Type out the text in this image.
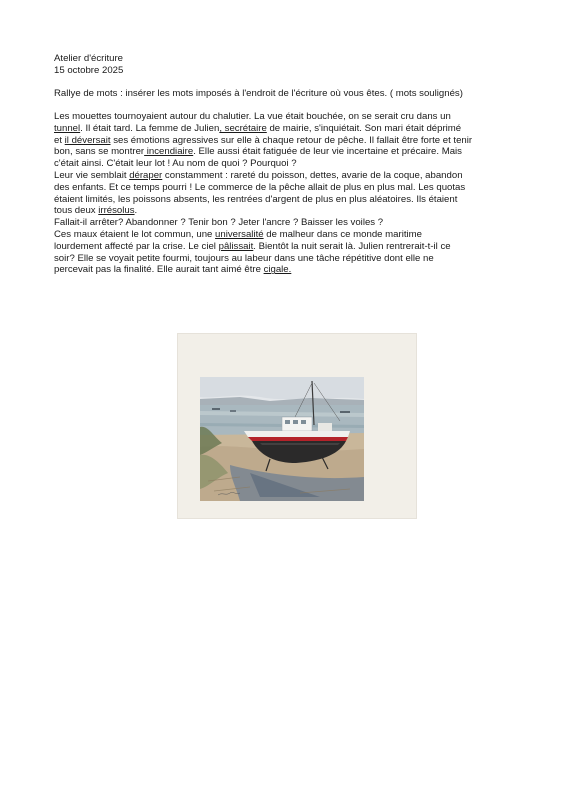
Atelier d'écriture
15 octobre 2025
Rallye de mots : insérer les mots imposés à l'endroit de l'écriture où vous êtes. ( mots soulignés)
Les mouettes tournoyaient autour du chalutier. La vue était bouchée, on se serait cru dans un
tunnel. Il était tard. La femme de Julien, secrétaire de mairie, s'inquiétait. Son mari était déprimé
et il déversait ses émotions agressives sur elle à chaque retour de pêche. Il fallait être forte et tenir
bon, sans se montrer incendiaire. Elle aussi était fatiguée de leur vie incertaine et précaire. Mais
c'était ainsi. C'était leur lot ! Au nom de quoi ? Pourquoi ?
Leur vie semblait déraper constamment : rareté du poisson, dettes, avarie de la coque, abandon
des enfants. Et ce temps pourri ! Le commerce de la pêche allait de plus en plus mal. Les quotas
étaient limités, les poissons absents, les rentrées d'argent de plus en plus aléatoires. Ils étaient
tous deux irrésolus.
Fallait-il arrêter? Abandonner ? Tenir bon ? Jeter l'ancre ? Baisser les voiles ?
Ces maux étaient le lot commun, une universalité de malheur dans ce monde maritime
lourdement affecté par la crise. Le ciel pâlissait. Bientôt la nuit serait là. Julien rentrerait-t-il ce
soir? Elle se voyait petite fourmi, toujours au labeur dans une tâche répétitive dont elle ne
percevait pas la finalité. Elle aurait tant aimé être cigale.
